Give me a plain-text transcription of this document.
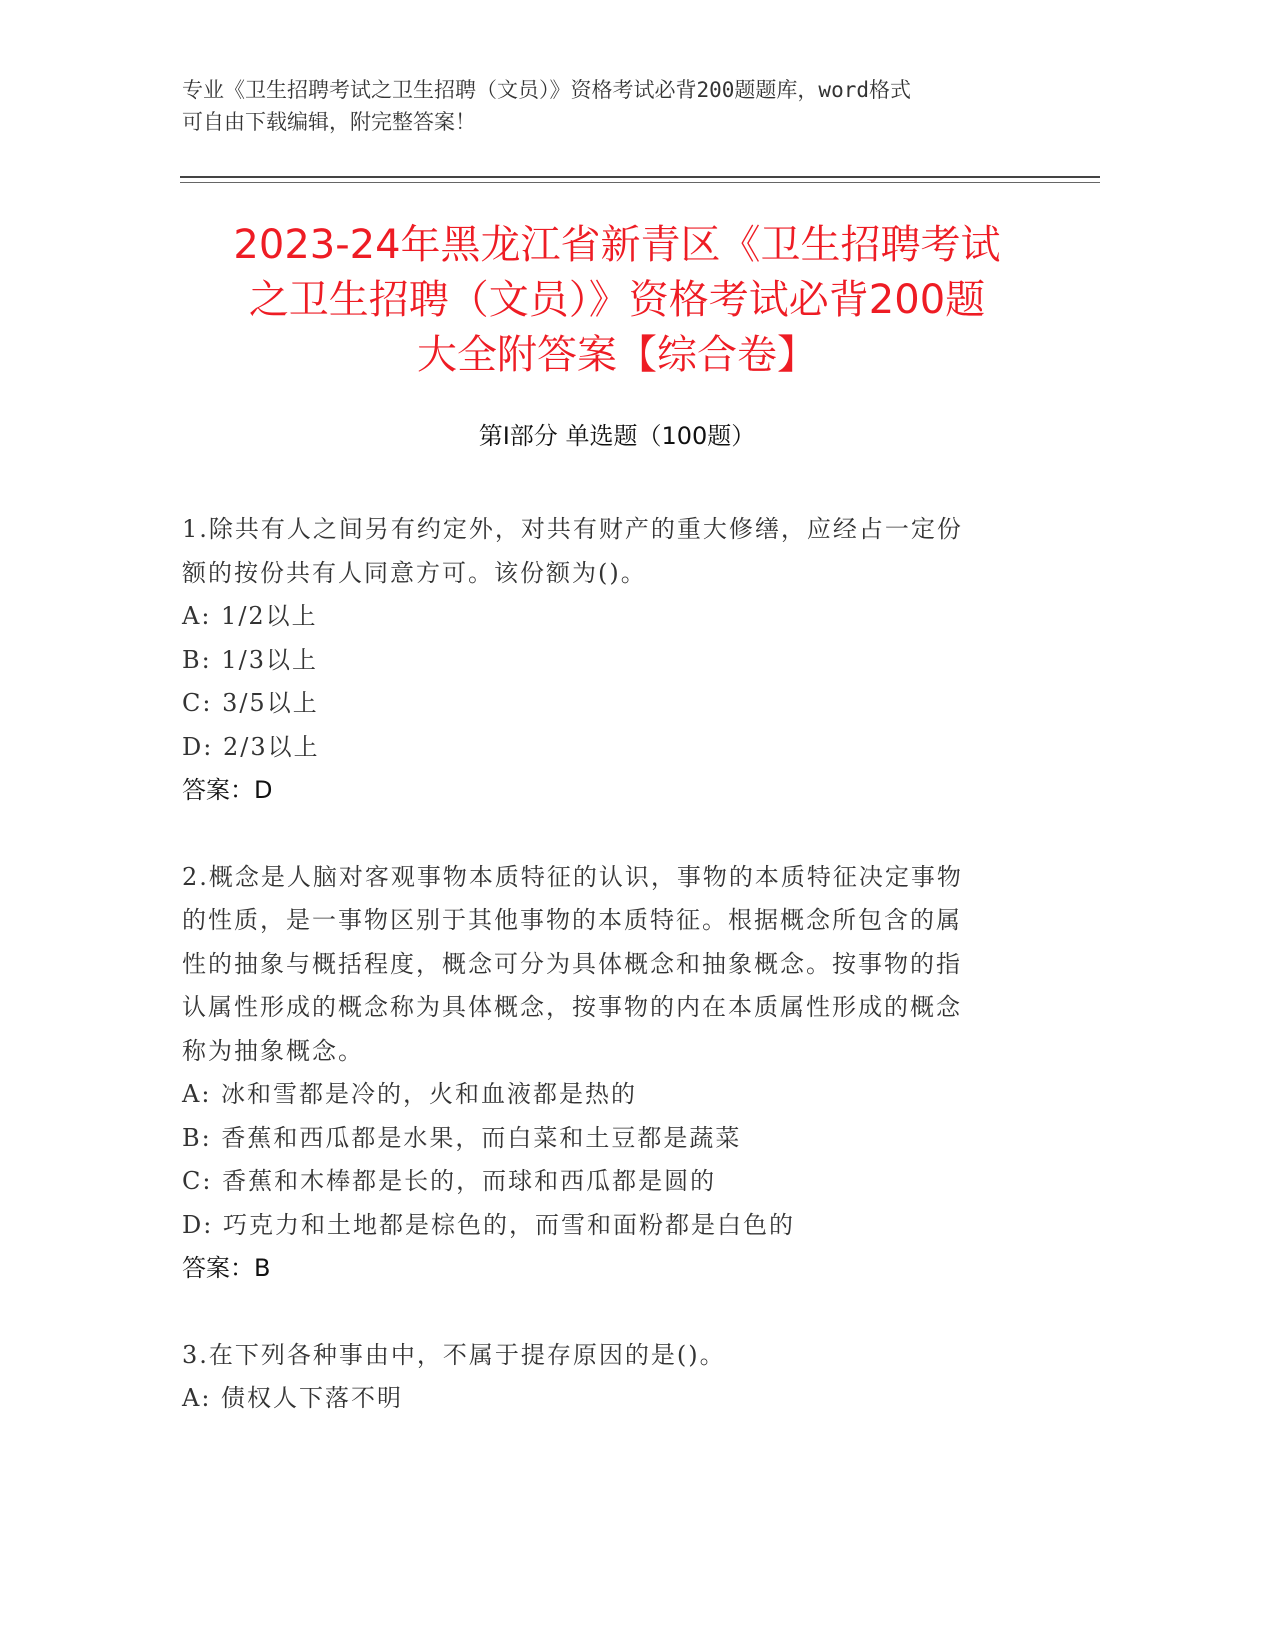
专业《卫生招聘考试之卫生招聘（文员）》资格考试必背200题题库，word格式
可自由下载编辑，附完整答案！
2023-24年黑龙江省新青区《卫生招聘考试
之卫生招聘（文员）》资格考试必背200题
大全附答案【综合卷】
第Ⅰ部分 单选题（100题）

1.除共有人之间另有约定外，对共有财产的重大修缮，应经占一定份

额的按份共有人同意方可。该份额为()。

A: 1/2以上

B: 1/3以上

C: 3/5以上

D: 2/3以上

答案：D

2.概念是人脑对客观事物本质特征的认识，事物的本质特征决定事物

的性质，是一事物区别于其他事物的本质特征。根据概念所包含的属

性的抽象与概括程度，概念可分为具体概念和抽象概念。按事物的指

认属性形成的概念称为具体概念，按事物的内在本质属性形成的概念

称为抽象概念。

A: 冰和雪都是冷的，火和血液都是热的

B: 香蕉和西瓜都是水果，而白菜和土豆都是蔬菜

C: 香蕉和木棒都是长的，而球和西瓜都是圆的

D: 巧克力和土地都是棕色的，而雪和面粉都是白色的

答案：B

3.在下列各种事由中，不属于提存原因的是()。

A: 债权人下落不明
